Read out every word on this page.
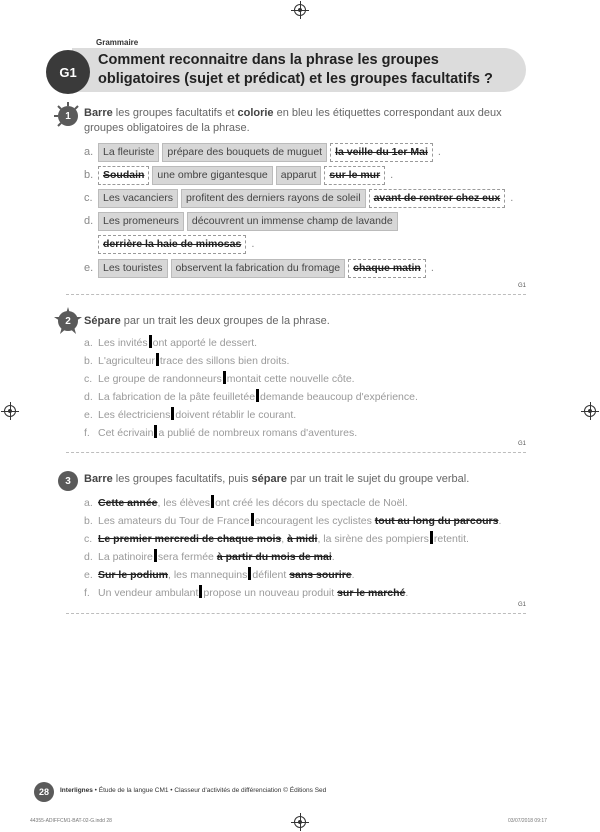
Grammaire
G1
Comment reconnaitre dans la phrase les groupes obligatoires (sujet et prédicat) et les groupes facultatifs ?
1 Barre les groupes facultatifs et colorie en bleu les étiquettes correspondant aux deux groupes obligatoires de la phrase.
a. La fleuriste	prépare des bouquets de muguet	la veille du 1er Mai .
b. Soudain	une ombre gigantesque	apparut	sur le mur .
c. Les vacanciers	profitent des derniers rayons de soleil	avant de rentrer chez eux .
d. Les promeneurs	découvrent un immense champ de lavande
derrière la haie de mimosas .
e. Les touristes	observent la fabrication du fromage	chaque matin .
G1
2 Sépare par un trait les deux groupes de la phrase.
a. Les invités ont apporté le dessert.
b. L'agriculteur trace des sillons bien droits.
c. Le groupe de randonneurs montait cette nouvelle côte.
d. La fabrication de la pâte feuilletée demande beaucoup d'expérience.
e. Les électriciens doivent rétablir le courant.
f. Cet écrivain a publié de nombreux romans d'aventures.
G1
3 Barre les groupes facultatifs, puis sépare par un trait le sujet du groupe verbal.
a. Cette année, les élèves ont créé les décors du spectacle de Noël.
b. Les amateurs du Tour de France encouragent les cyclistes tout au long du parcours.
c. Le premier mercredi de chaque mois, à midi, la sirène des pompiers retentit.
d. La patinoire sera fermée à partir du mois de mai.
e. Sur le podium, les mannequins défilent sans sourire.
f. Un vendeur ambulant propose un nouveau produit sur le marché.
G1
28	Interlignes • Étude de la langue CM1 • Classeur d'activités de différenciation © Éditions Sed
44355-ADIFFCM1-BAT-02-G.indd 28	03/07/2018 09:17
